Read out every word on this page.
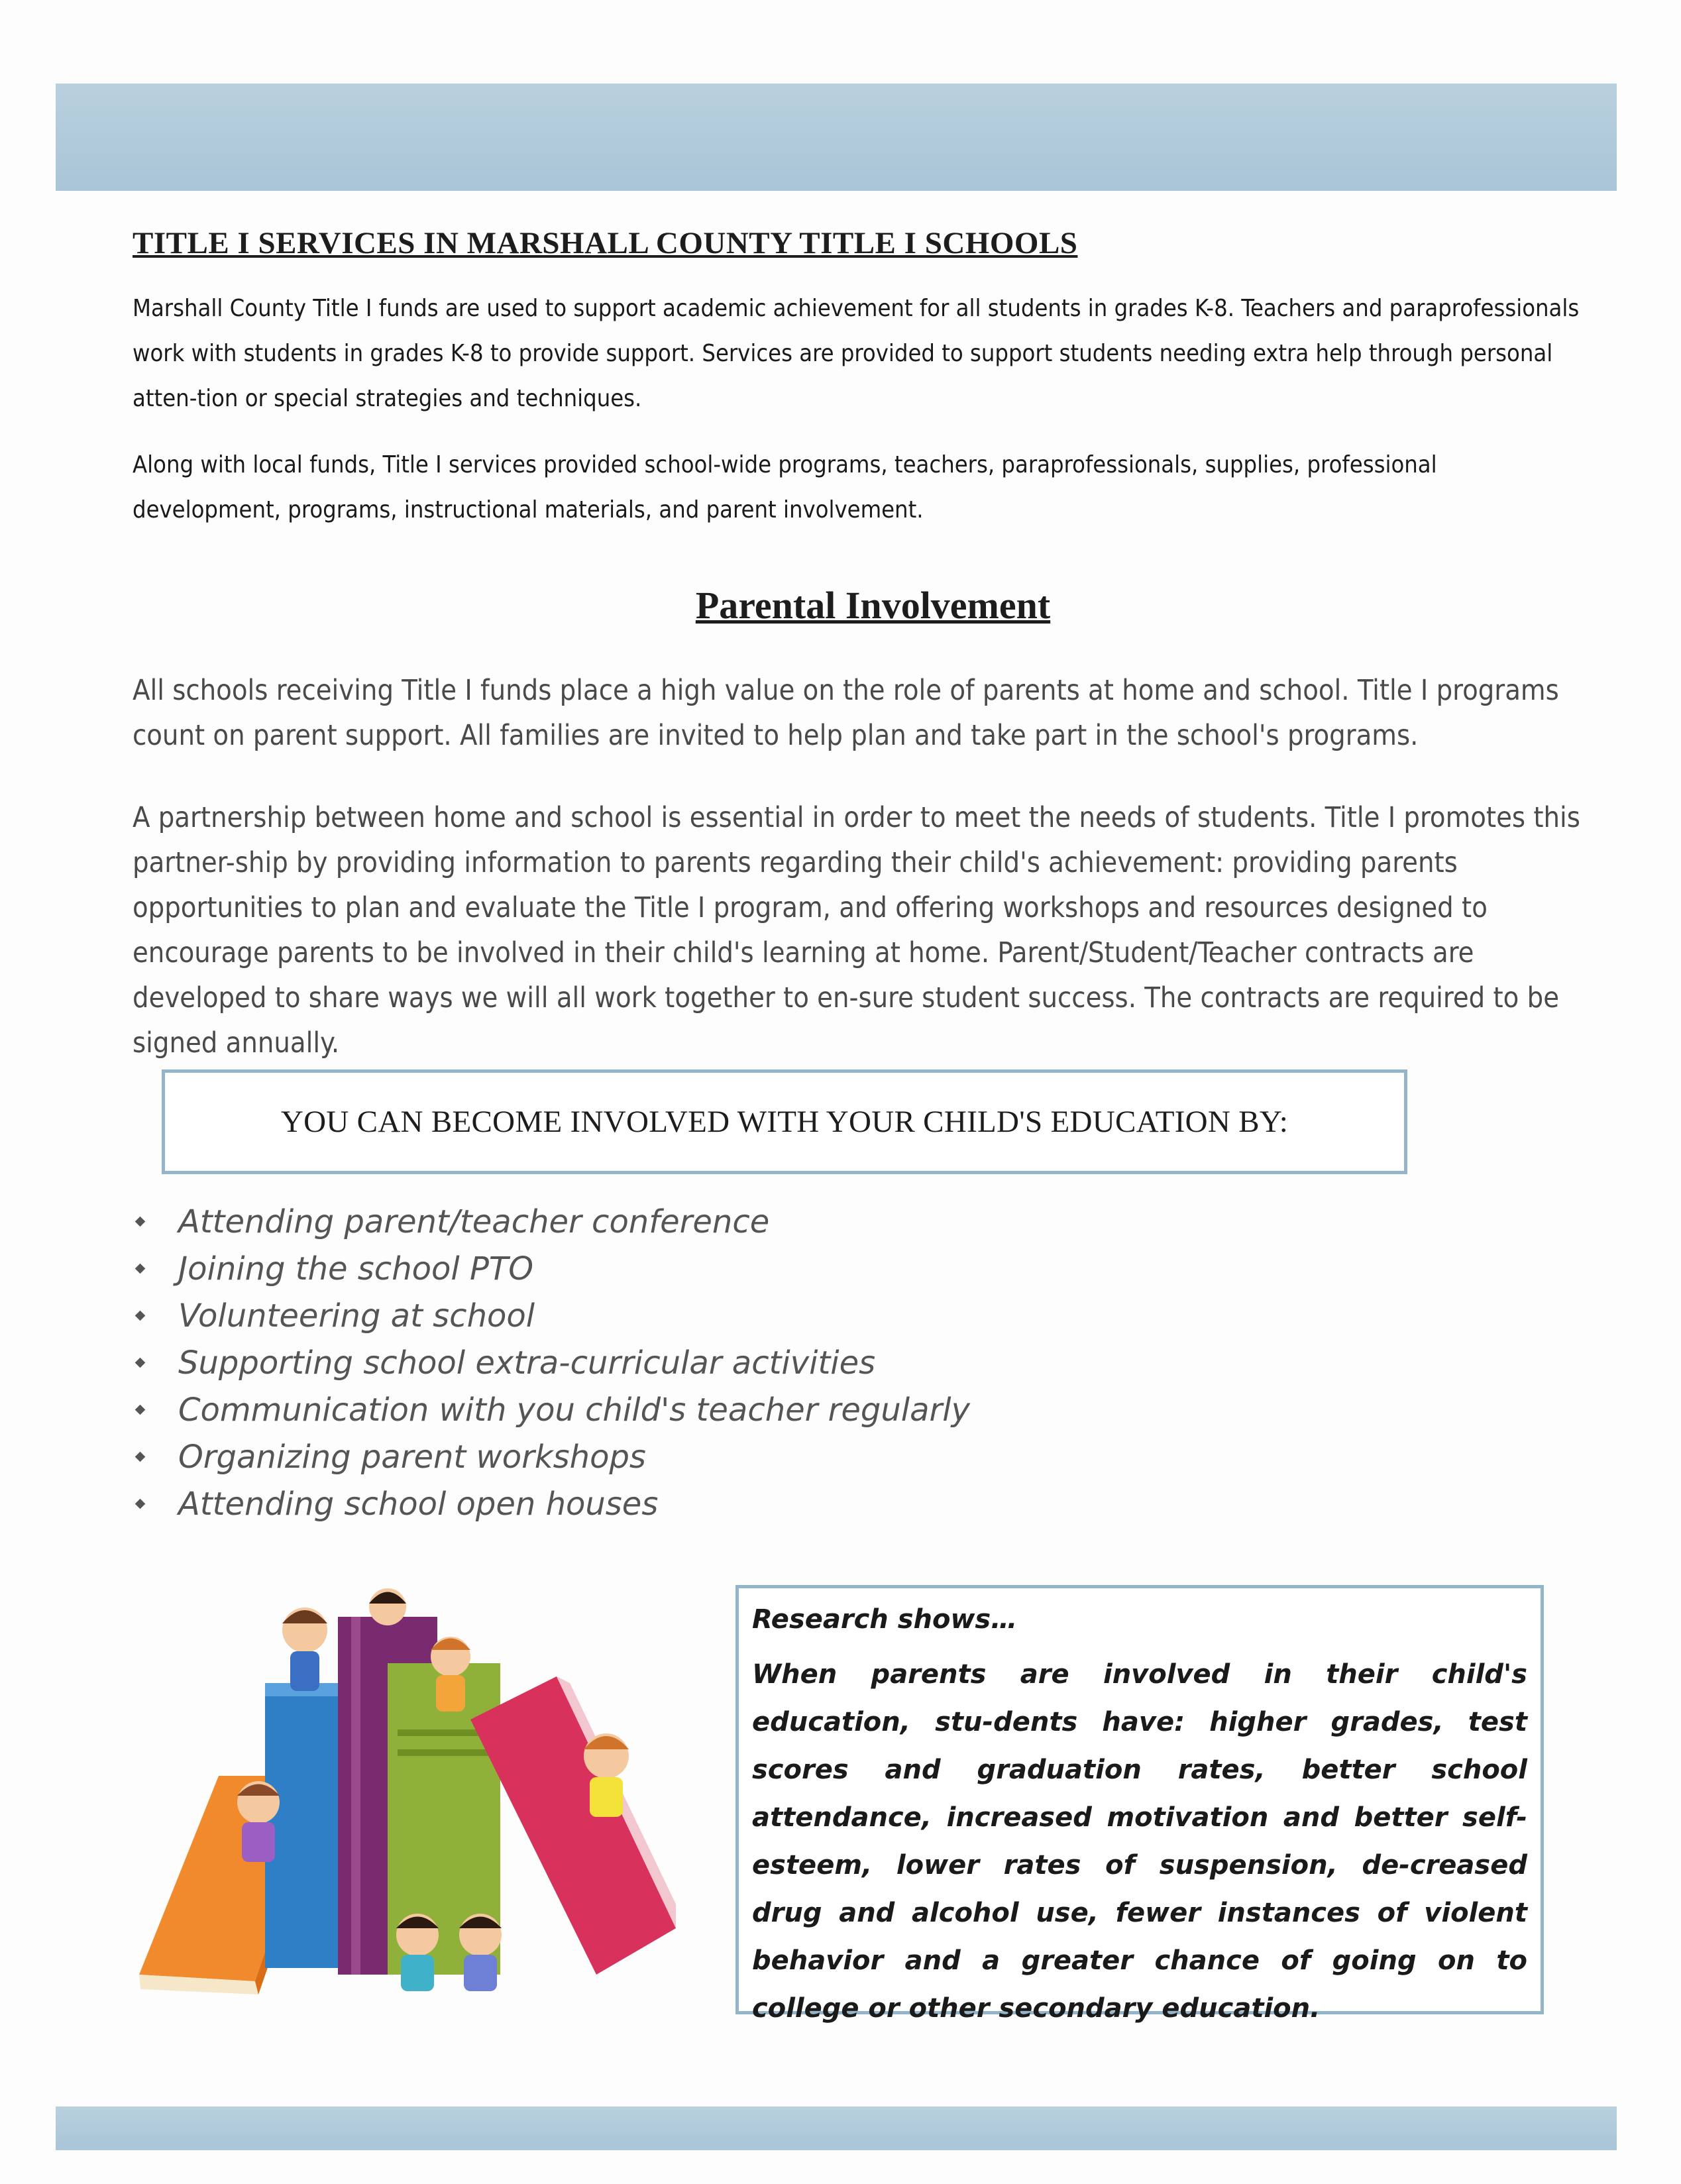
TITLE I SERVICES IN MARSHALL COUNTY TITLE I SCHOOLS

Marshall County Title I funds are used to support academic achievement for all students in grades K-8. Teachers and paraprofessionals work with students in grades K-8 to provide support. Services are provided to support students needing extra help through personal atten-tion or special strategies and techniques.

Along with local funds, Title I services provided school-wide programs, teachers, paraprofessionals, supplies, professional development, programs, instructional materials, and parent involvement.

Parental Involvement

All schools receiving Title I funds place a high value on the role of parents at home and school. Title I programs count on parent support. All families are invited to help plan and take part in the school's programs.

A partnership between home and school is essential in order to meet the needs of students. Title I promotes this partner-ship by providing information to parents regarding their child's achievement: providing parents opportunities to plan and evaluate the Title I program, and offering workshops and resources designed to encourage parents to be involved in their child's learning at home. Parent/Student/Teacher contracts are developed to share ways we will all work together to en-sure student success. The contracts are required to be signed annually.

YOU CAN BECOME INVOLVED WITH YOUR CHILD'S EDUCATION BY:
Attending parent/teacher conference
Joining the school PTO
Volunteering at school
Supporting school extra-curricular activities
Communication with you child's teacher regularly
Organizing parent workshops
Attending school open houses

Research shows…

When parents are involved in their child's education, stu-dents have: higher grades, test scores and graduation rates, better school attendance, increased motivation and better self-esteem, lower rates of suspension, de-creased drug and alcohol use, fewer instances of violent behavior and a greater chance of going on to college or other secondary education.
